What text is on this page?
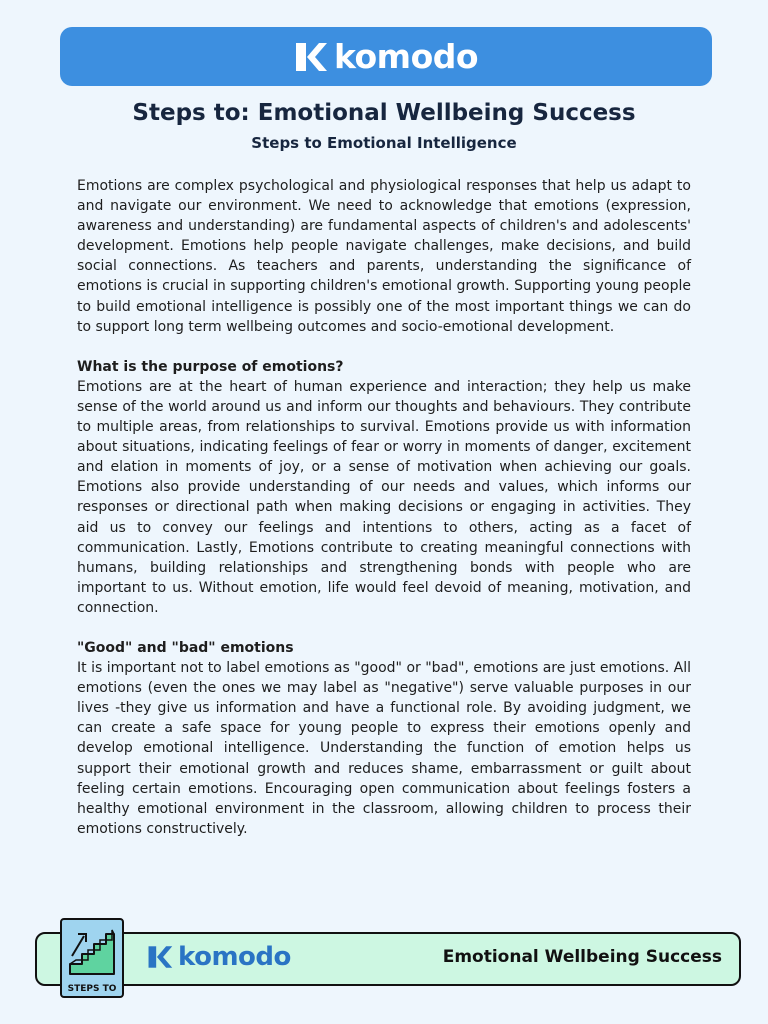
komodo
Steps to: Emotional Wellbeing Success
Steps to Emotional Intelligence

Emotions are complex psychological and physiological responses that help us adapt to and navigate our environment. We need to acknowledge that emotions (expression, awareness and understanding) are fundamental aspects of children's and adolescents' development. Emotions help people navigate challenges, make decisions, and build social connections. As teachers and parents, understanding the significance of emotions is crucial in supporting children's emotional growth. Supporting young people to build emotional intelligence is possibly one of the most important things we can do to support long term wellbeing outcomes and socio-emotional development.

What is the purpose of emotions?
Emotions are at the heart of human experience and interaction; they help us make sense of the world around us and inform our thoughts and behaviours. They contribute to multiple areas, from relationships to survival. Emotions provide us with information about situations, indicating feelings of fear or worry in moments of danger, excitement and elation in moments of joy, or a sense of motivation when achieving our goals. Emotions also provide understanding of our needs and values, which informs our responses or directional path when making decisions or engaging in activities. They aid us to convey our feelings and intentions to others, acting as a facet of communication. Lastly, Emotions contribute to creating meaningful connections with humans, building relationships and strengthening bonds with people who are important to us. Without emotion, life would feel devoid of meaning, motivation, and connection.

"Good" and "bad" emotions
It is important not to label emotions as "good" or "bad", emotions are just emotions. All emotions (even the ones we may label as "negative") serve valuable purposes in our lives -they give us information and have a functional role. By avoiding judgment, we can create a safe space for young people to express their emotions openly and develop emotional intelligence. Understanding the function of emotion helps us support their emotional growth and reduces shame, embarrassment or guilt about feeling certain emotions. Encouraging open communication about feelings fosters a healthy emotional environment in the classroom, allowing children to process their emotions constructively.

STEPS TO
komodo	Emotional Wellbeing Success
